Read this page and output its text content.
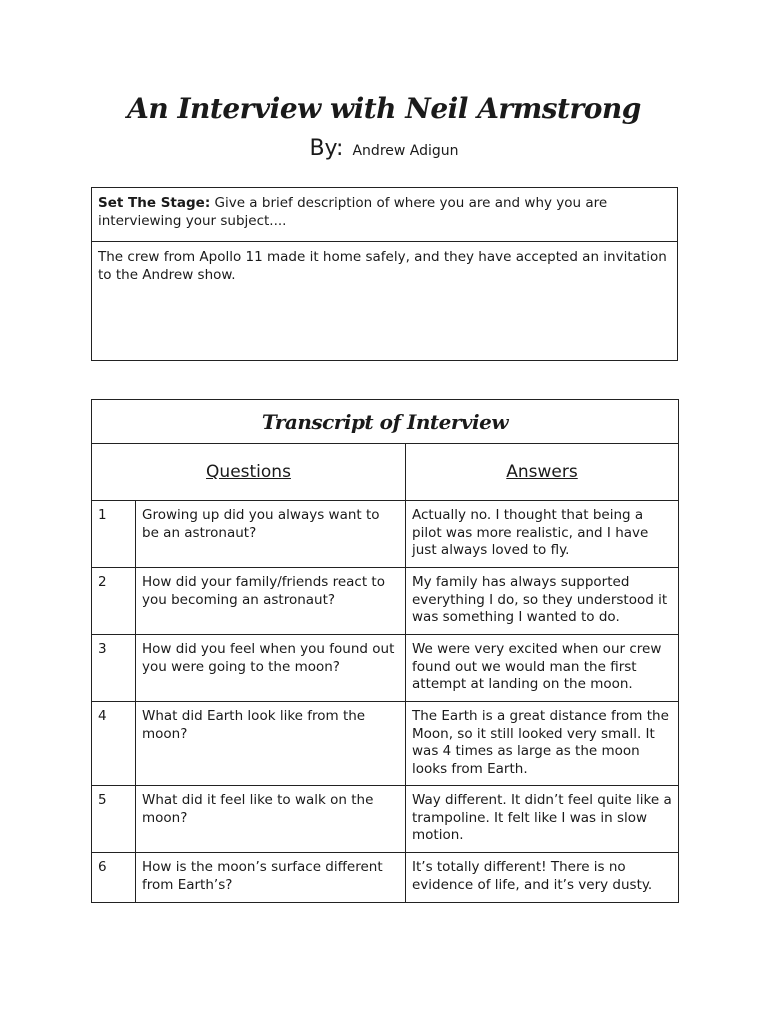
An Interview with Neil Armstrong

By: Andrew Adigun

Set The Stage: Give a brief description of where you are and why you are interviewing your subject....
The crew from Apollo 11 made it home safely, and they have accepted an invitation to the Andrew show.
Transcript of Interview		
Questions		Answers
1	Growing up did you always want to be an astronaut?	Actually no. I thought that being a pilot was more realistic, and I have just always loved to fly.
2	How did your family/friends react to you becoming an astronaut?	My family has always supported everything I do, so they understood it was something I wanted to do.
3	How did you feel when you found out you were going to the moon?	We were very excited when our crew found out we would man the first attempt at landing on the moon.
4	What did Earth look like from the moon?	The Earth is a great distance from the Moon, so it still looked very small. It was 4 times as large as the moon looks from Earth.
5	What did it feel like to walk on the moon?	Way different. It didn’t feel quite like a trampoline. It felt like I was in slow motion.
6	How is the moon’s surface different from Earth’s?	It’s totally different! There is no evidence of life, and it’s very dusty.
